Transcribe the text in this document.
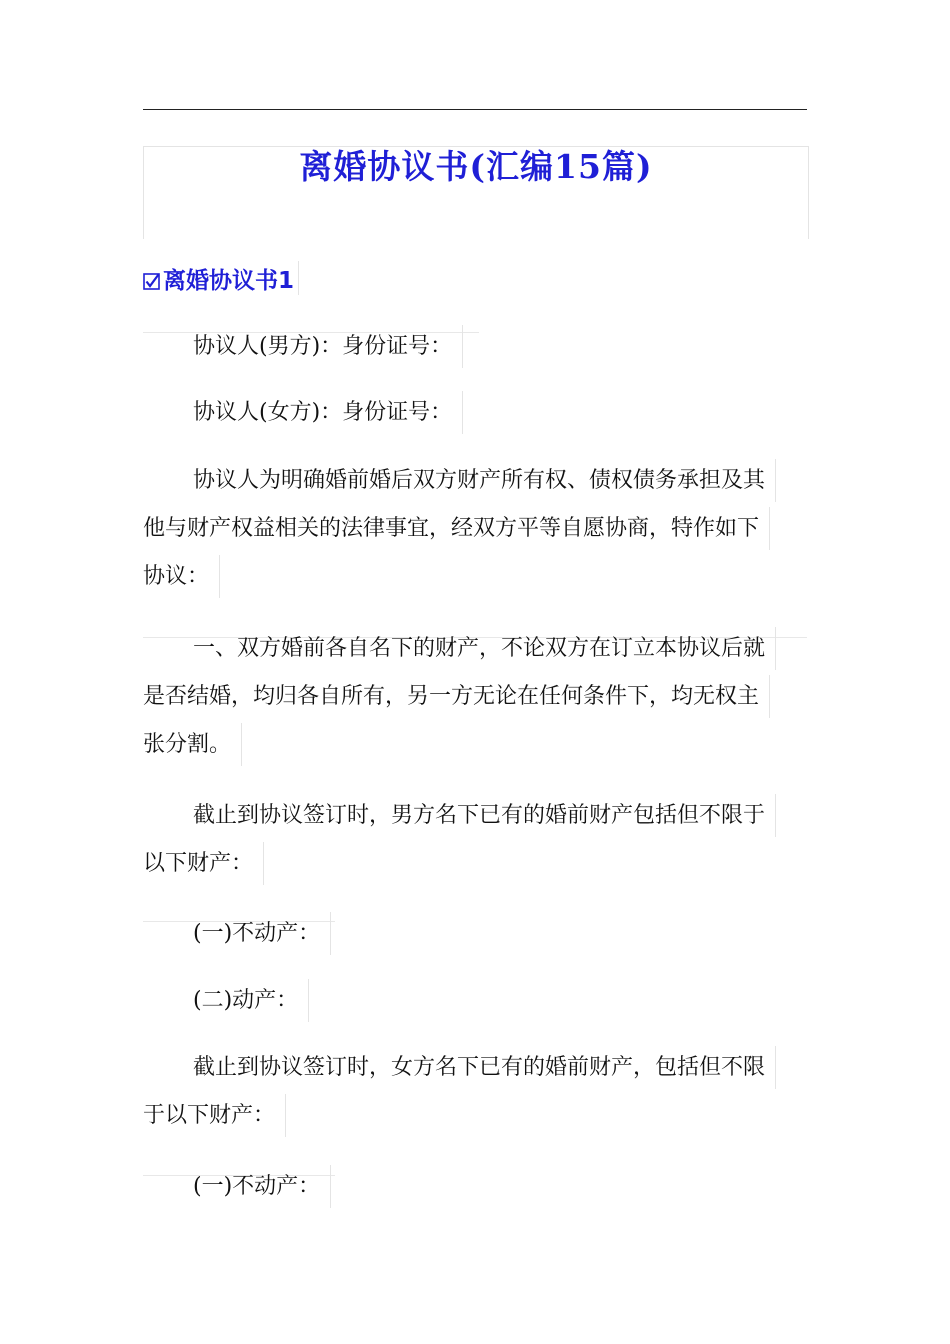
离婚协议书(汇编15篇)
离婚协议书1
协议人(男方)：身份证号：
协议人(女方)：身份证号：
协议人为明确婚前婚后双方财产所有权、债权债务承担及其
他与财产权益相关的法律事宜，经双方平等自愿协商，特作如下
协议：
一、双方婚前各自名下的财产，不论双方在订立本协议后就
是否结婚，均归各自所有，另一方无论在任何条件下，均无权主
张分割。
截止到协议签订时，男方名下已有的婚前财产包括但不限于
以下财产：
(一)不动产：
(二)动产：
截止到协议签订时，女方名下已有的婚前财产，包括但不限
于以下财产：
(一)不动产：
